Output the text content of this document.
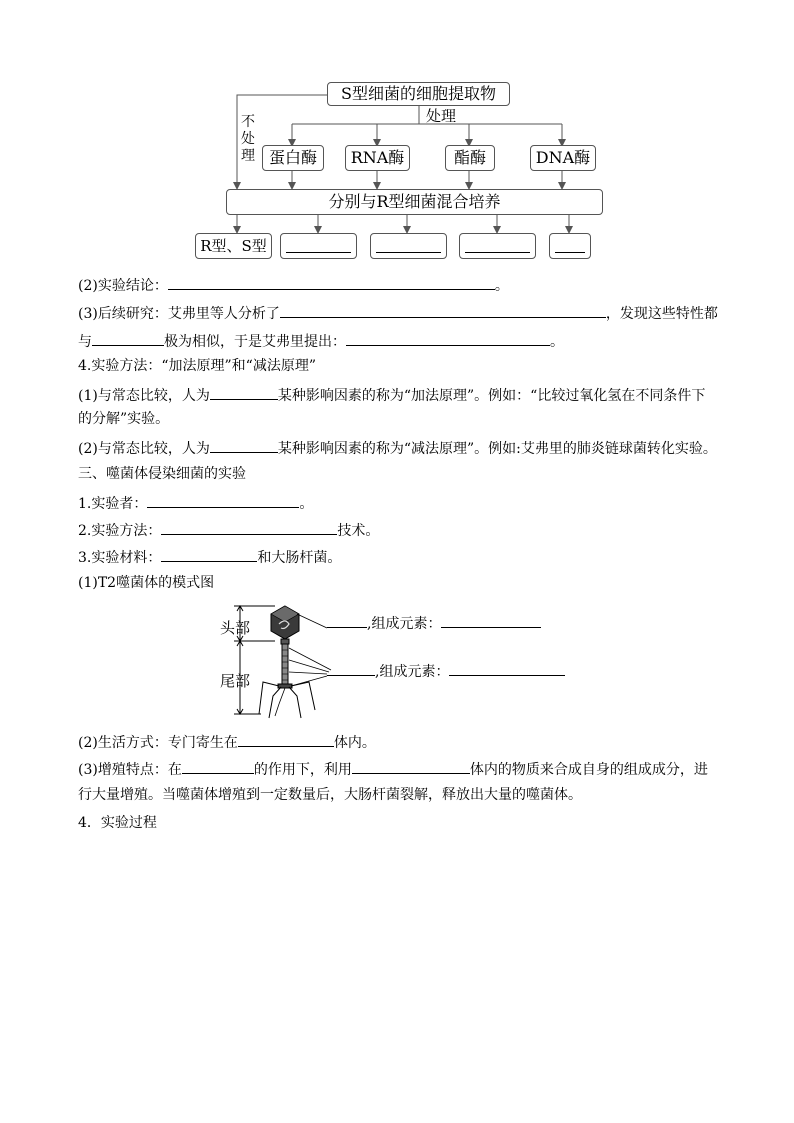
S型细菌的细胞提取物
处理
不处理 蛋白酶	RNA酶	酯酶	DNA酶
分别与R型细菌混合培养
R型、S型
(2)实验结论：	。
(3)后续研究：艾弗里等人分析了	，发现这些特性都
与	极为相似，于是艾弗里提出：	。
4.实验方法：“加法原理”和“减法原理”
(1)与常态比较，人为	某种影响因素的称为“加法原理”。例如：“比较过氧化氢在不同条件下
的分解”实验。
(2)与常态比较，人为	某种影响因素的称为“减法原理”。例如:艾弗里的肺炎链球菌转化实验。
三、噬菌体侵染细菌的实验
1.实验者：	。
2.实验方法：	技术。
3.实验材料：	和大肠杆菌。
(1)T2噬菌体的模式图
头部
尾部
,组成元素：
,组成元素：
(2)生活方式：专门寄生在	体内。
(3)增殖特点：在	的作用下，利用	体内的物质来合成自身的组成成分，进
行大量增殖。当噬菌体增殖到一定数量后，大肠杆菌裂解，释放出大量的噬菌体。
4．实验过程
